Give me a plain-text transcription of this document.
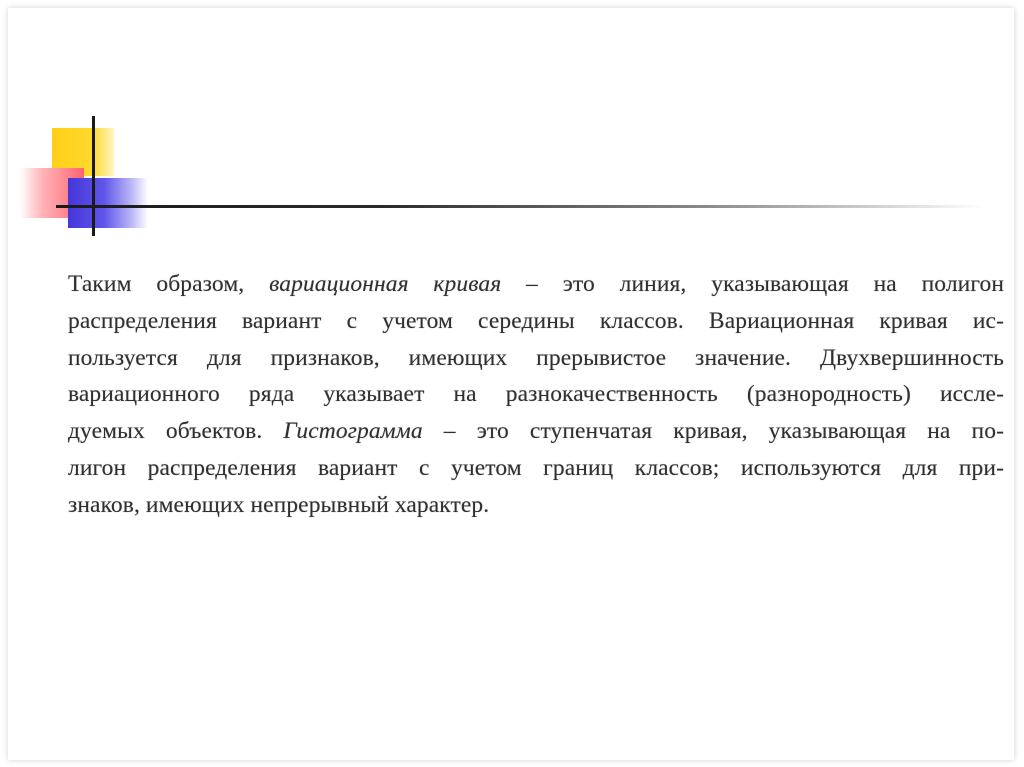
Таким образом, вариационная кривая – это линия, указывающая на полигон
распределения вариант с учетом середины классов. Вариационная кривая ис-
пользуется для признаков, имеющих прерывистое значение. Двухвершинность
вариационного ряда указывает на разнокачественность (разнородность) иссле-
дуемых объектов. Гистограмма – это ступенчатая кривая, указывающая на по-
лигон распределения вариант с учетом границ классов; используются для при-
знаков, имеющих непрерывный характер.
